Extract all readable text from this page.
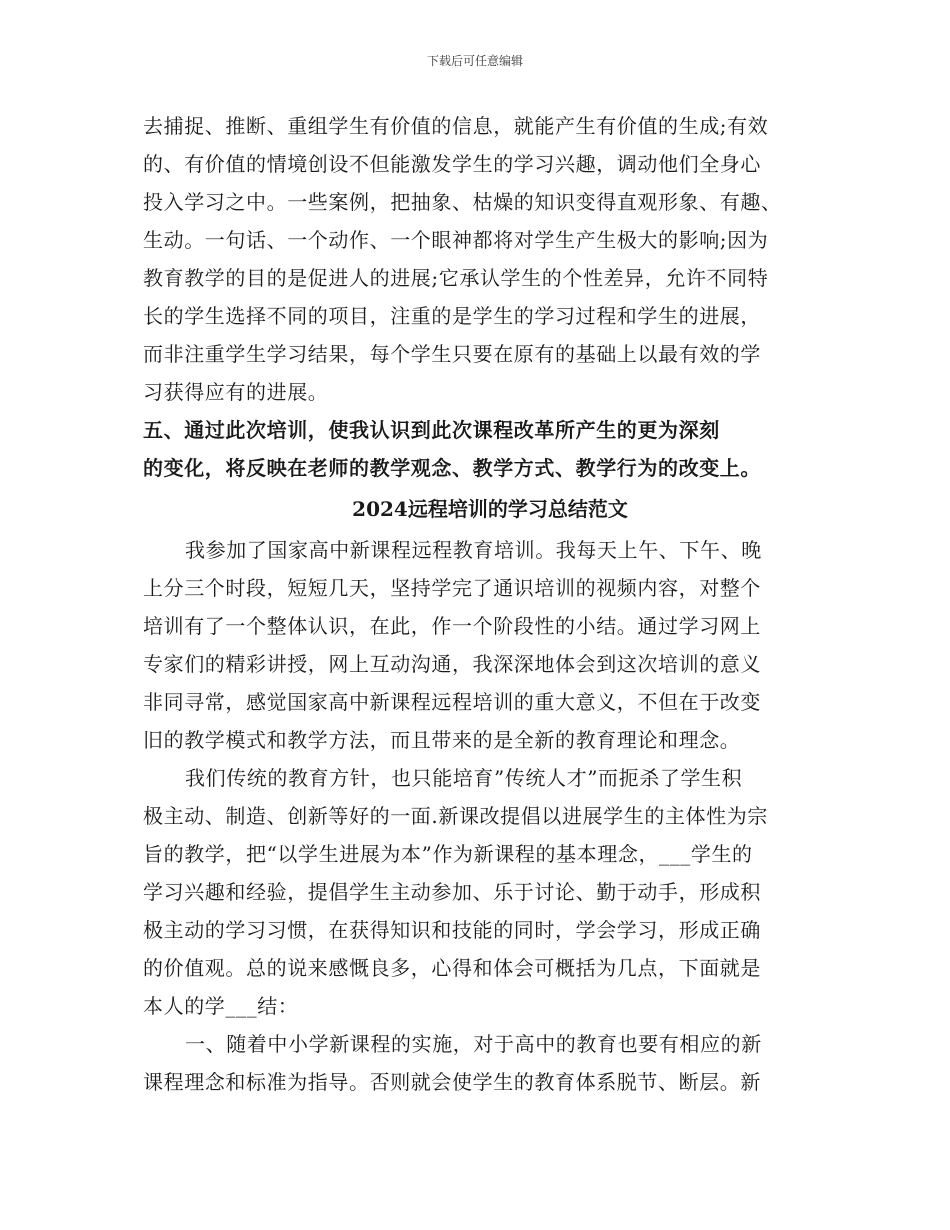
下载后可任意编辑
去捕捉、推断、重组学生有价值的信息，就能产生有价值的生成;有效
的、有价值的情境创设不但能激发学生的学习兴趣，调动他们全身心
投入学习之中。一些案例，把抽象、枯燥的知识变得直观形象、有趣、
生动。一句话、一个动作、一个眼神都将对学生产生极大的影响;因为
教育教学的目的是促进人的进展;它承认学生的个性差异，允许不同特
长的学生选择不同的项目，注重的是学生的学习过程和学生的进展，
而非注重学生学习结果，每个学生只要在原有的基础上以最有效的学
习获得应有的进展。
五、通过此次培训，使我认识到此次课程改革所产生的更为深刻
的变化，将反映在老师的教学观念、教学方式、教学行为的改变上。
2024远程培训的学习总结范文
我参加了国家高中新课程远程教育培训。我每天上午、下午、晚
上分三个时段，短短几天，坚持学完了通识培训的视频内容，对整个
培训有了一个整体认识，在此，作一个阶段性的小结。通过学习网上
专家们的精彩讲授，网上互动沟通，我深深地体会到这次培训的意义
非同寻常，感觉国家高中新课程远程培训的重大意义，不但在于改变
旧的教学模式和教学方法，而且带来的是全新的教育理论和理念。
我们传统的教育方针，也只能培育”传统人才”而扼杀了学生积
极主动、制造、创新等好的一面.新课改提倡以进展学生的主体性为宗
旨的教学，把“以学生进展为本”作为新课程的基本理念，___学生的
学习兴趣和经验，提倡学生主动参加、乐于讨论、勤于动手，形成积
极主动的学习习惯，在获得知识和技能的同时，学会学习，形成正确
的价值观。总的说来感慨良多，心得和体会可概括为几点，下面就是
本人的学___结：
一、随着中小学新课程的实施，对于高中的教育也要有相应的新
课程理念和标准为指导。否则就会使学生的教育体系脱节、断层。新
